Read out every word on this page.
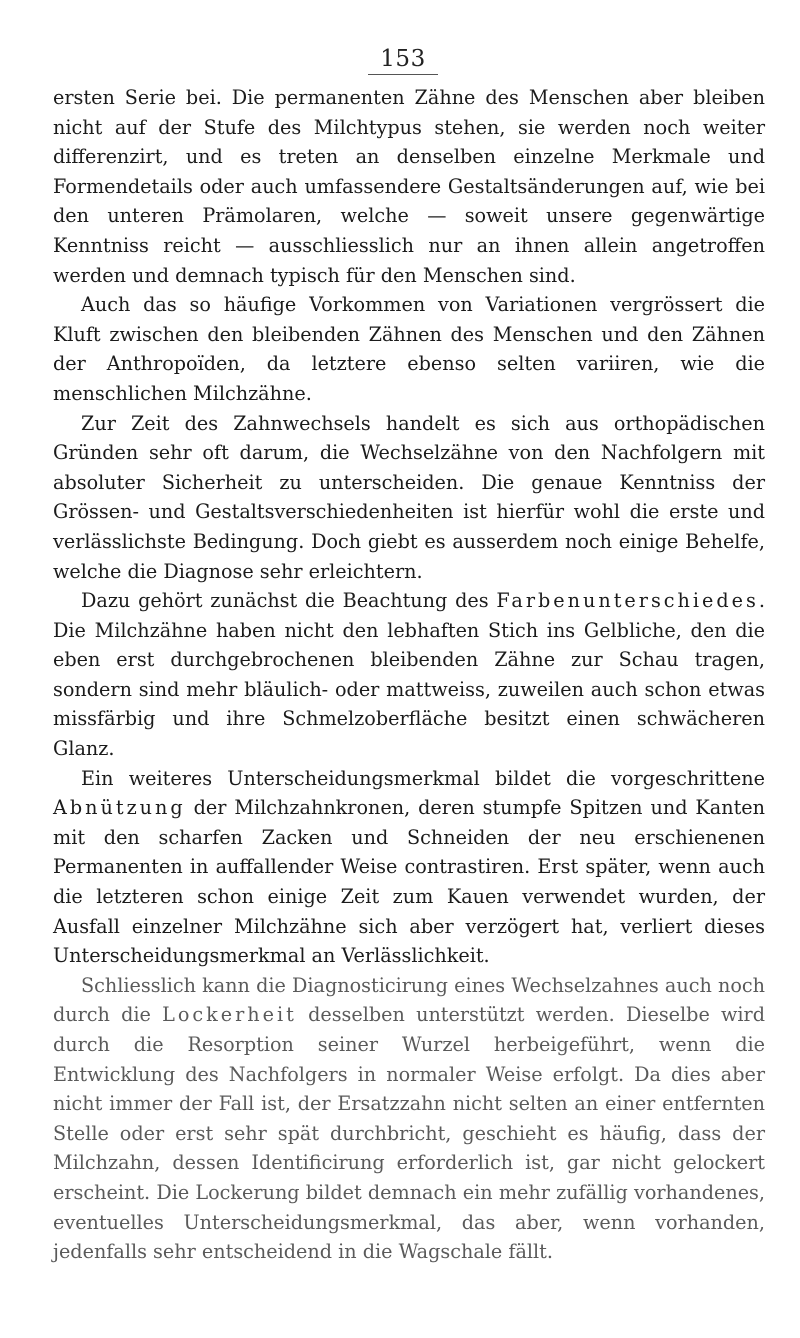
153

ersten Serie bei. Die permanenten Zähne des Menschen aber bleiben nicht auf der Stufe des Milchtypus stehen, sie werden noch weiter differenzirt, und es treten an denselben einzelne Merkmale und Formendetails oder auch umfassendere Gestaltsänderungen auf, wie bei den unteren Prämolaren, welche — soweit unsere gegenwärtige Kenntniss reicht — ausschliesslich nur an ihnen allein angetroffen werden und demnach typisch für den Menschen sind.

Auch das so häufige Vorkommen von Variationen vergrössert die Kluft zwischen den bleibenden Zähnen des Menschen und den Zähnen der Anthropoïden, da letztere ebenso selten variiren, wie die menschlichen Milchzähne.

Zur Zeit des Zahnwechsels handelt es sich aus orthopädischen Gründen sehr oft darum, die Wechselzähne von den Nachfolgern mit absoluter Sicherheit zu unterscheiden. Die genaue Kenntniss der Grössen- und Gestaltsverschiedenheiten ist hierfür wohl die erste und verlässlichste Bedingung. Doch giebt es ausserdem noch einige Behelfe, welche die Diagnose sehr erleichtern.

Dazu gehört zunächst die Beachtung des Farbenunterschiedes. Die Milchzähne haben nicht den lebhaften Stich ins Gelbliche, den die eben erst durchgebrochenen bleibenden Zähne zur Schau tragen, sondern sind mehr bläulich- oder mattweiss, zuweilen auch schon etwas missfärbig und ihre Schmelzoberfläche besitzt einen schwächeren Glanz.

Ein weiteres Unterscheidungsmerkmal bildet die vorgeschrittene Abnützung der Milchzahnkronen, deren stumpfe Spitzen und Kanten mit den scharfen Zacken und Schneiden der neu erschienenen Permanenten in auffallender Weise contrastiren. Erst später, wenn auch die letzteren schon einige Zeit zum Kauen verwendet wurden, der Ausfall einzelner Milchzähne sich aber verzögert hat, verliert dieses Unterscheidungsmerkmal an Verlässlichkeit.

Schliesslich kann die Diagnosticirung eines Wechselzahnes auch noch durch die Lockerheit desselben unterstützt werden. Dieselbe wird durch die Resorption seiner Wurzel herbeigeführt, wenn die Entwicklung des Nachfolgers in normaler Weise erfolgt. Da dies aber nicht immer der Fall ist, der Ersatzzahn nicht selten an einer entfernten Stelle oder erst sehr spät durchbricht, geschieht es häufig, dass der Milchzahn, dessen Identificirung erforderlich ist, gar nicht gelockert erscheint. Die Lockerung bildet demnach ein mehr zufällig vorhandenes, eventuelles Unterscheidungsmerkmal, das aber, wenn vorhanden, jedenfalls sehr entscheidend in die Wagschale fällt.
